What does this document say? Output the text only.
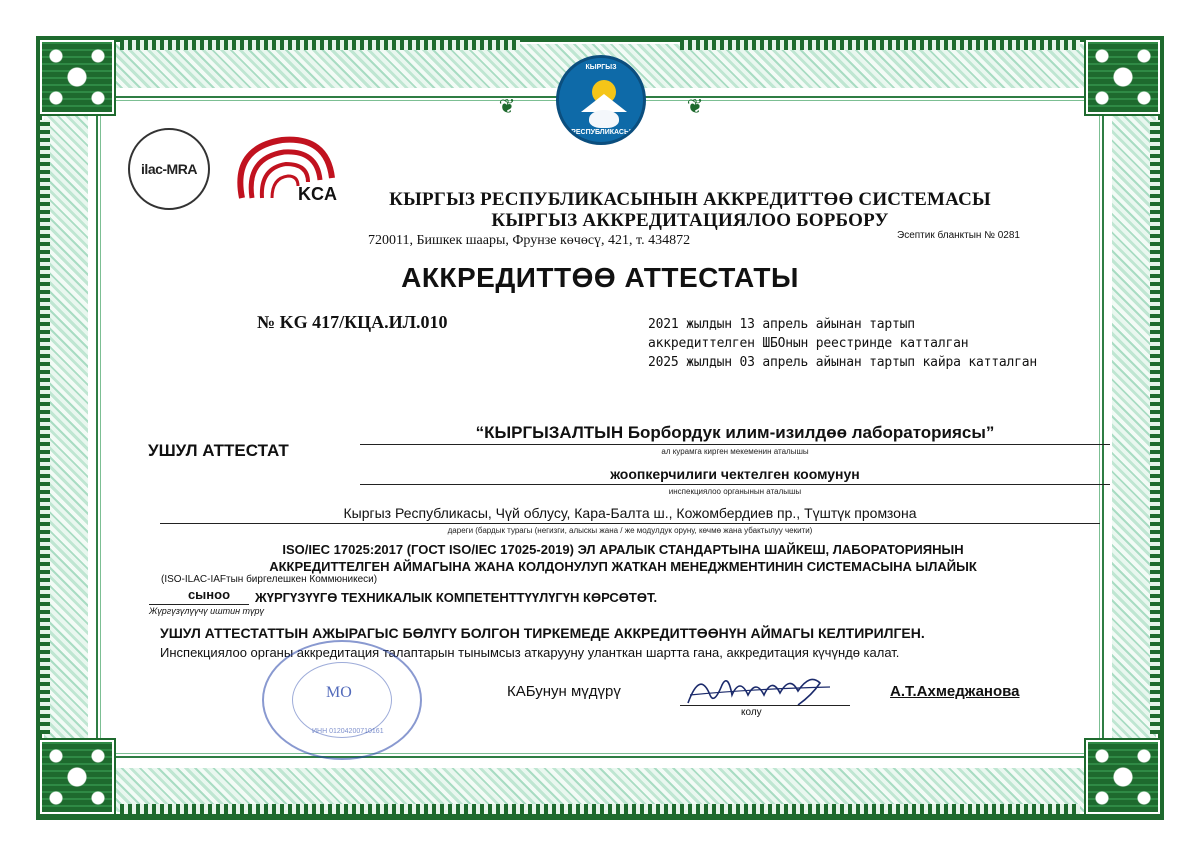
❦	❦
КЫРГЫЗ
РЕСПУБЛИКАСЫ
ilac-MRA
KCA	КЫРГЫЗ РЕСПУБЛИКАСЫНЫН АККРЕДИТТӨӨ СИСТЕМАСЫ
КЫРГЫЗ АККРЕДИТАЦИЯЛОО БОРБОРУ
720011, Бишкек шаары, Фрунзе көчөсү, 421, т. 434872	Эсептик бланктын № 0281
АККРЕДИТТӨӨ АТТЕСТАТЫ
№ KG 417/КЦА.ИЛ.010	2021 жылдын 13 апрель айынан тартып
аккредиттелген ШБОнын реестринде катталган
2025 жылдын 03 апрель айынан тартып кайра катталган
УШУЛ АТТЕСТАТ
“КЫРГЫЗАЛТЫН Борбордук илим-изилдөө лабораториясы”
ал курамга кирген мекеменин аталышы
жоопкерчилиги чектелген коомунун
инспекциялоо органынын аталышы
Кыргыз Республикасы, Чүй облусу, Кара-Балта ш., Кожомбердиев пр., Түштүк промзона
дареги (бардык турагы (негизги, алыскы жана / же модулдук оруну, көчмө жана убактылуу чекити)
ISO/IEC 17025:2017 (ГОСТ ISO/IEC 17025-2019) ЭЛ АРАЛЫК СТАНДАРТЫНА ШАЙКЕШ, ЛАБОРАТОРИЯНЫН
АККРЕДИТТЕЛГЕН АЙМАГЫНА ЖАНА КОЛДОНУЛУП ЖАТКАН МЕНЕДЖМЕНТИНИН СИСТЕМАСЫНА ЫЛАЙЫК
(ISO-ILAC-IAFтын биргелешкен Коммюникеси)
сыноо
Жүргүзүлүүчү иштин түрү
ЖҮРГҮЗҮҮГӨ ТЕХНИКАЛЫК КОМПЕТЕНТТҮҮЛҮГҮН КӨРСӨТӨТ.
УШУЛ АТТЕСТАТТЫН АЖЫРАГЫС БӨЛҮГҮ БОЛГОН ТИРКЕМЕДЕ АККРЕДИТТӨӨНҮН АЙМАГЫ КЕЛТИРИЛГЕН.
Инспекциялоо органы аккредитация талаптарын тынымсыз аткарууну уланткан шартта гана, аккредитация күчүндө калат.
МО
ИНН 01204200710161
КАБунун мүдүрү
колу
А.Т.Ахмеджанова
